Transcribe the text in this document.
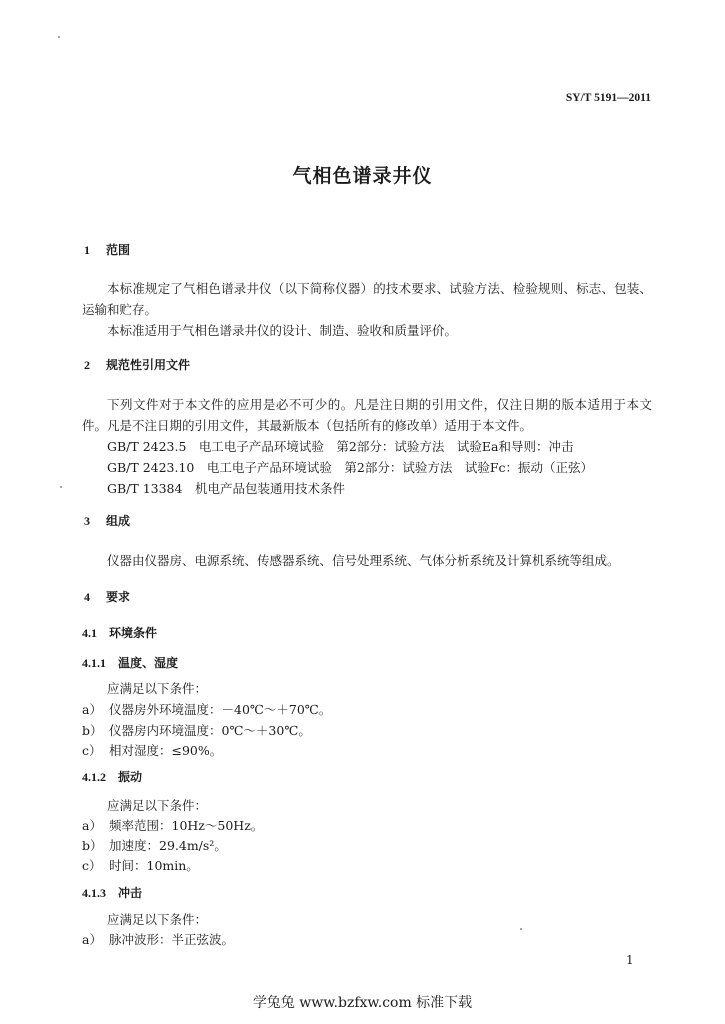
SY/T 5191—2011
气相色谱录井仪
1 范围
本标准规定了气相色谱录井仪（以下简称仪器）的技术要求、试验方法、检验规则、标志、包装、运输和贮存。
本标准适用于气相色谱录井仪的设计、制造、验收和质量评价。
2 规范性引用文件
下列文件对于本文件的应用是必不可少的。凡是注日期的引用文件，仅注日期的版本适用于本文件。凡是不注日期的引用文件，其最新版本（包括所有的修改单）适用于本文件。
GB/T 2423.5　电工电子产品环境试验　第2部分：试验方法　试验Ea和导则：冲击
GB/T 2423.10　电工电子产品环境试验　第2部分：试验方法　试验Fc：振动（正弦）
GB/T 13384　机电产品包装通用技术条件
3 组成
仪器由仪器房、电源系统、传感器系统、信号处理系统、气体分析系统及计算机系统等组成。
4 要求
4.1 环境条件
4.1.1 温度、湿度
应满足以下条件：
a） 仪器房外环境温度：－40℃～＋70℃。
b） 仪器房内环境温度：0℃～＋30℃。
c） 相对湿度：≤90%。
4.1.2 振动
应满足以下条件：
a） 频率范围：10Hz～50Hz。
b） 加速度：29.4m/s²。
c） 时间：10min。
4.1.3 冲击
应满足以下条件：
a） 脉冲波形：半正弦波。
1
学兔兔 www.bzfxw.com 标准下载
